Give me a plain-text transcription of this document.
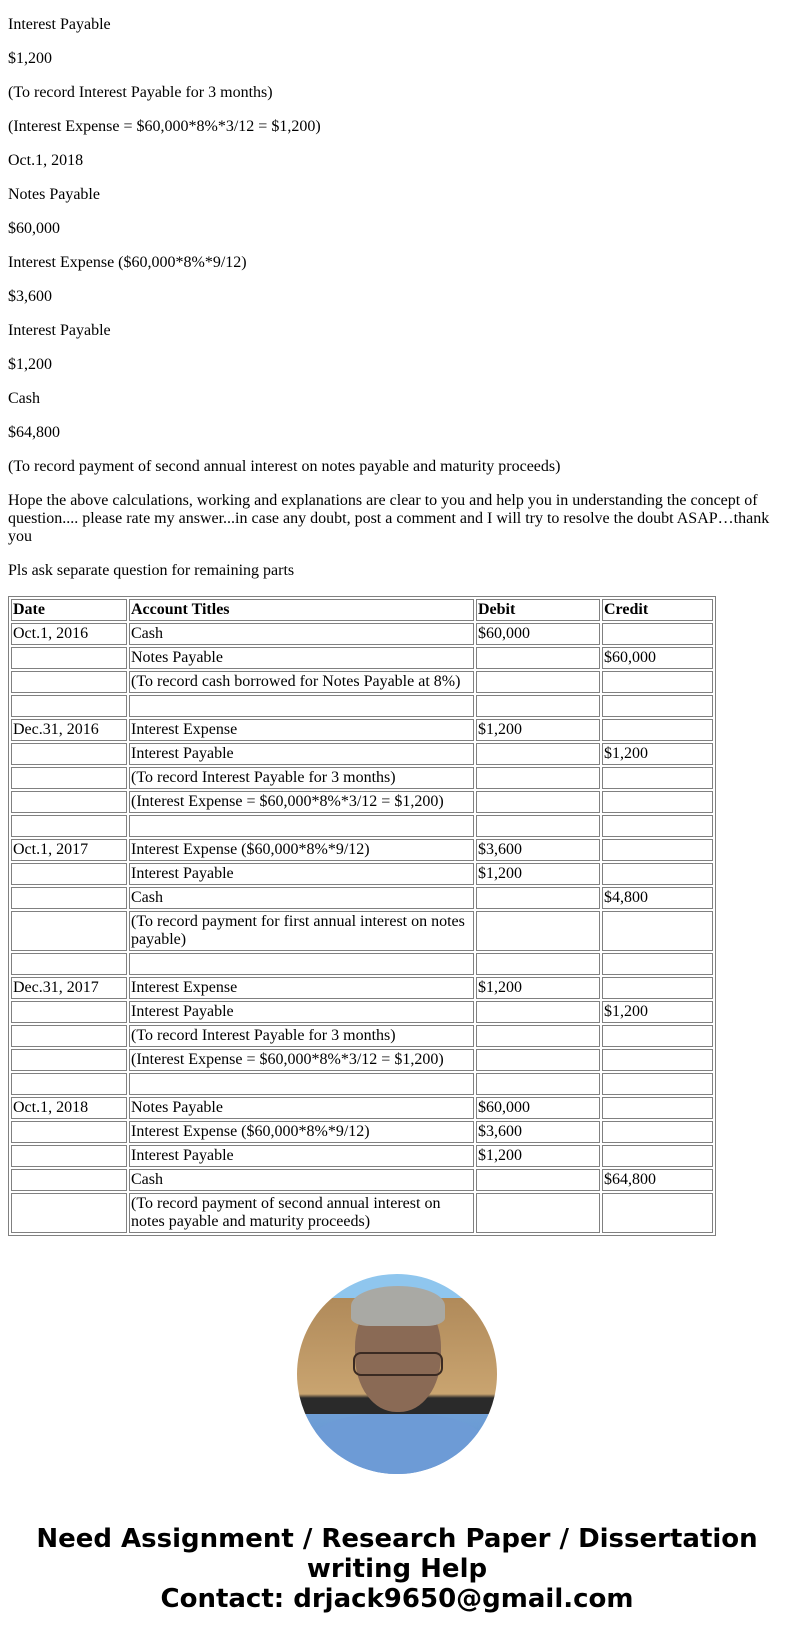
Interest Payable

$1,200

(To record Interest Payable for 3 months)

(Interest Expense = $60,000*8%*3/12 = $1,200)

Oct.1, 2018

Notes Payable

$60,000

Interest Expense ($60,000*8%*9/12)

$3,600

Interest Payable

$1,200

Cash

$64,800

(To record payment of second annual interest on notes payable and maturity proceeds)

Hope the above calculations, working and explanations are clear to you and help you in understanding the concept of question.... please rate my answer...in case any doubt, post a comment and I will try to resolve the doubt ASAP…thank you

Pls ask separate question for remaining parts

Date	Account Titles	Debit	Credit
Oct.1, 2016	Cash	$60,000	
	Notes Payable		$60,000
	(To record cash borrowed for Notes Payable at 8%)		

Dec.31, 2016	Interest Expense	$1,200	
	Interest Payable		$1,200
	(To record Interest Payable for 3 months)		
	(Interest Expense = $60,000*8%*3/12 = $1,200)		

Oct.1, 2017	Interest Expense ($60,000*8%*9/12)	$3,600	
	Interest Payable	$1,200	
	Cash		$4,800
	(To record payment for first annual interest on notes payable)		

Dec.31, 2017	Interest Expense	$1,200	
	Interest Payable		$1,200
	(To record Interest Payable for 3 months)		
	(Interest Expense = $60,000*8%*3/12 = $1,200)		

Oct.1, 2018	Notes Payable	$60,000	
	Interest Expense ($60,000*8%*9/12)	$3,600	
	Interest Payable	$1,200	
	Cash		$64,800
	(To record payment of second annual interest on notes payable and maturity proceeds)		
Need Assignment / Research Paper / Dissertation
writing Help
Contact: drjack9650@gmail.com
